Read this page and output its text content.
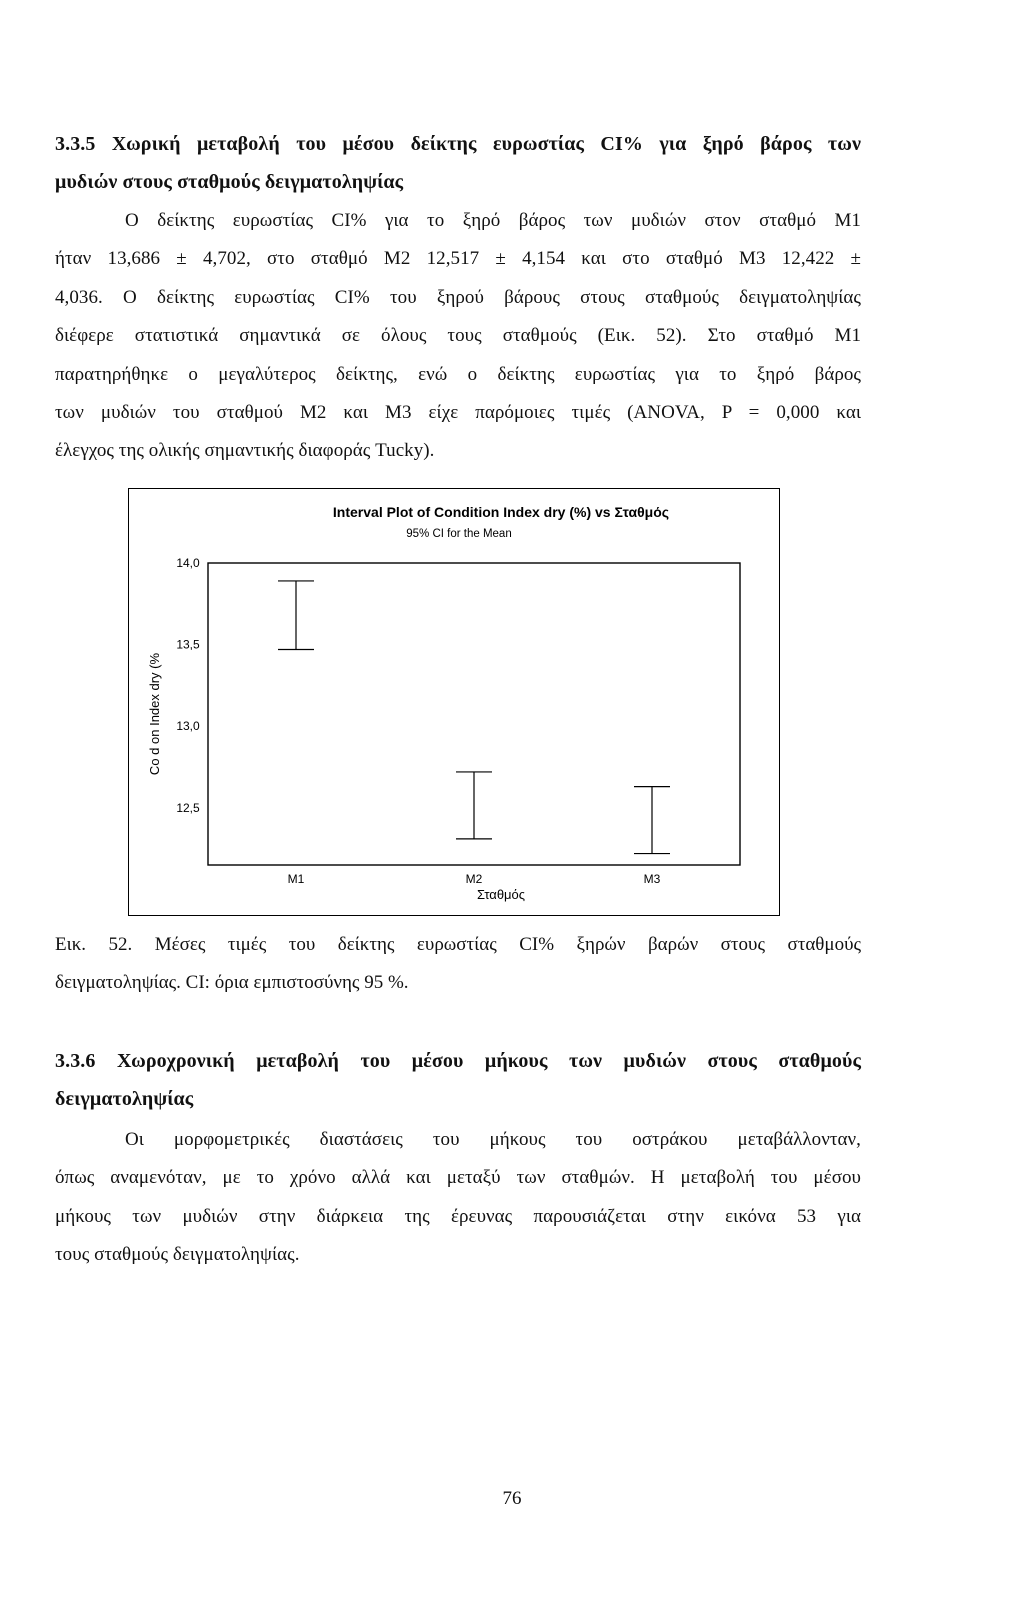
3.3.5 Χωρική μεταβολή του μέσου δείκτης ευρωστίας CI% για ξηρό βάρος των
μυδιών στους σταθμούς δειγματοληψίας
Ο δείκτης ευρωστίας CI% για το ξηρό βάρος των μυδιών στον σταθμό Μ1
ήταν 13,686 ± 4,702, στο σταθμό Μ2 12,517 ± 4,154 και στο σταθμό Μ3 12,422 ±
4,036. Ο δείκτης ευρωστίας CI% του ξηρού βάρους στους σταθμούς δειγματοληψίας
διέφερε στατιστικά σημαντικά σε όλους τους σταθμούς (Εικ. 52). Στο σταθμό Μ1
παρατηρήθηκε ο μεγαλύτερος δείκτης, ενώ ο δείκτης ευρωστίας για το ξηρό βάρος
των μυδιών του σταθμού Μ2 και Μ3 είχε παρόμοιες τιμές (ANOVA, P = 0,000 και
έλεγχος της ολικής σημαντικής διαφοράς Tucky).
Interval Plot of Condition Index dry (%) vs Σταθμός
95% CI for the Mean
Co d on Index dry (%
Σταθμός
14,0
13,5
13,0
12,5
M1	M2	M3
Εικ. 52. Μέσες τιμές του δείκτης ευρωστίας CI% ξηρών βαρών στους σταθμούς
δειγματοληψίας. CI: όρια εμπιστοσύνης 95 %.
3.3.6 Χωροχρονική μεταβολή του μέσου μήκους των μυδιών στους σταθμούς
δειγματοληψίας
Οι μορφομετρικές διαστάσεις του μήκους του οστράκου μεταβάλλονταν,
όπως αναμενόταν, με το χρόνο αλλά και μεταξύ των σταθμών. Η μεταβολή του μέσου
μήκους των μυδιών στην διάρκεια της έρευνας παρουσιάζεται στην εικόνα 53 για
τους σταθμούς δειγματοληψίας.
76
